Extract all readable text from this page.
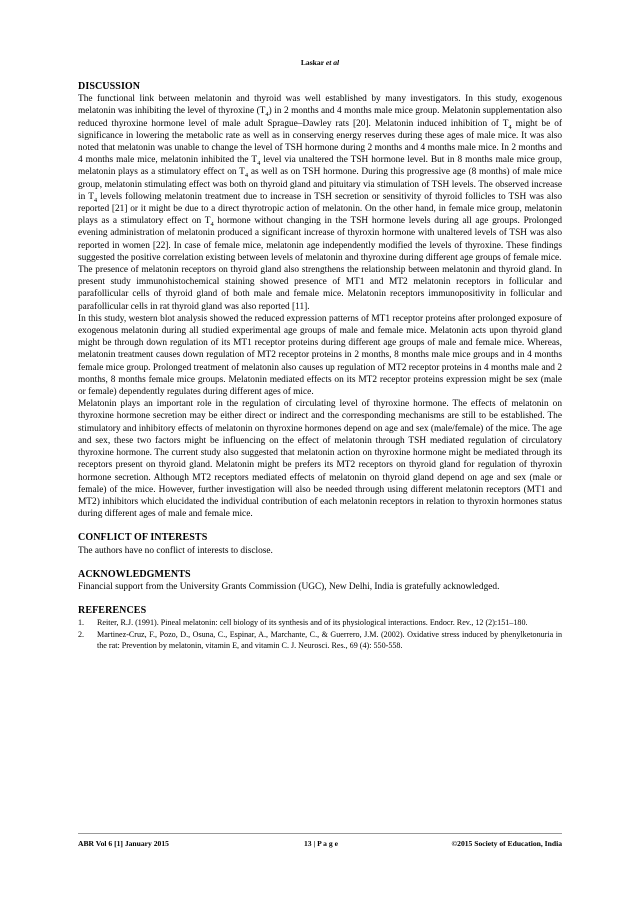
Laskar et al
DISCUSSION

The functional link between melatonin and thyroid was well established by many investigators. In this study, exogenous melatonin was inhibiting the level of thyroxine $(T_4)$ in 2 months and 4 months male mice group. Melatonin supplementation also reduced thyroxine hormone level of male adult Sprague–Dawley rats [20]. Melatonin induced inhibition of $T_4$ might be of significance in lowering the metabolic rate as well as in conserving energy reserves during these ages of male mice. It was also noted that melatonin was unable to change the level of TSH hormone during 2 months and 4 months male mice. In 2 months and 4 months male mice, melatonin inhibited the $T_4$ level via unaltered the TSH hormone level. But in 8 months male mice group, melatonin plays as a stimulatory effect on $T_4$ as well as on TSH hormone. During this progressive age (8 months) of male mice group, melatonin stimulating effect was both on thyroid gland and pituitary via stimulation of TSH levels. The observed increase in $T_4$ levels following melatonin treatment due to increase in TSH secretion or sensitivity of thyroid follicles to TSH was also reported [21] or it might be due to a direct thyrotropic action of melatonin. On the other hand, in female mice group, melatonin plays as a stimulatory effect on $T_4$ hormone without changing in the TSH hormone levels during all age groups. Prolonged evening administration of melatonin produced a significant increase of thyroxin hormone with unaltered levels of TSH was also reported in women [22]. In case of female mice, melatonin age independently modified the levels of thyroxine. These findings suggested the positive correlation existing between levels of melatonin and thyroxine during different age groups of female mice.

The presence of melatonin receptors on thyroid gland also strengthens the relationship between melatonin and thyroid gland. In present study immunohistochemical staining showed presence of MT1 and MT2 melatonin receptors in follicular and parafollicular cells of thyroid gland of both male and female mice. Melatonin receptors immunopositivity in follicular and parafollicular cells in rat thyroid gland was also reported [11].

In this study, western blot analysis showed the reduced expression patterns of MT1 receptor proteins after prolonged exposure of exogenous melatonin during all studied experimental age groups of male and female mice. Melatonin acts upon thyroid gland might be through down regulation of its MT1 receptor proteins during different age groups of male and female mice. Whereas, melatonin treatment causes down regulation of MT2 receptor proteins in 2 months, 8 months male mice groups and in 4 months female mice group. Prolonged treatment of melatonin also causes up regulation of MT2 receptor proteins in 4 months male and 2 months, 8 months female mice groups. Melatonin mediated effects on its MT2 receptor proteins expression might be sex (male or female) dependently regulates during different ages of mice.

Melatonin plays an important role in the regulation of circulating level of thyroxine hormone. The effects of melatonin on thyroxine hormone secretion may be either direct or indirect and the corresponding mechanisms are still to be established. The stimulatory and inhibitory effects of melatonin on thyroxine hormones depend on age and sex (male/female) of the mice. The age and sex, these two factors might be influencing on the effect of melatonin through TSH mediated regulation of circulatory thyroxine hormone. The current study also suggested that melatonin action on thyroxine hormone might be mediated through its receptors present on thyroid gland. Melatonin might be prefers its MT2 receptors on thyroid gland for regulation of thyroxin hormone secretion. Although MT2 receptors mediated effects of melatonin on thyroid gland depend on age and sex (male or female) of the mice. However, further investigation will also be needed through using different melatonin receptors (MT1 and MT2) inhibitors which elucidated the individual contribution of each melatonin receptors in relation to thyroxin hormones status during different ages of male and female mice.

CONFLICT OF INTERESTS

The authors have no conflict of interests to disclose.

ACKNOWLEDGMENTS

Financial support from the University Grants Commission (UGC), New Delhi, India is gratefully acknowledged.

REFERENCES
1. Reiter, R.J. (1991). Pineal melatonin: cell biology of its synthesis and of its physiological interactions. Endocr. Rev., 12 (2):151–180.
2. Martinez-Cruz, F., Pozo, D., Osuna, C., Espinar, A., Marchante, C., & Guerrero, J.M. (2002). Oxidative stress induced by phenylketonuria in the rat: Prevention by melatonin, vitamin E, and vitamin C. J. Neurosci. Res., 69 (4): 550-558.
ABR Vol 6 [1] January 2015	13 | P a g e	©2015 Society of Education, India
